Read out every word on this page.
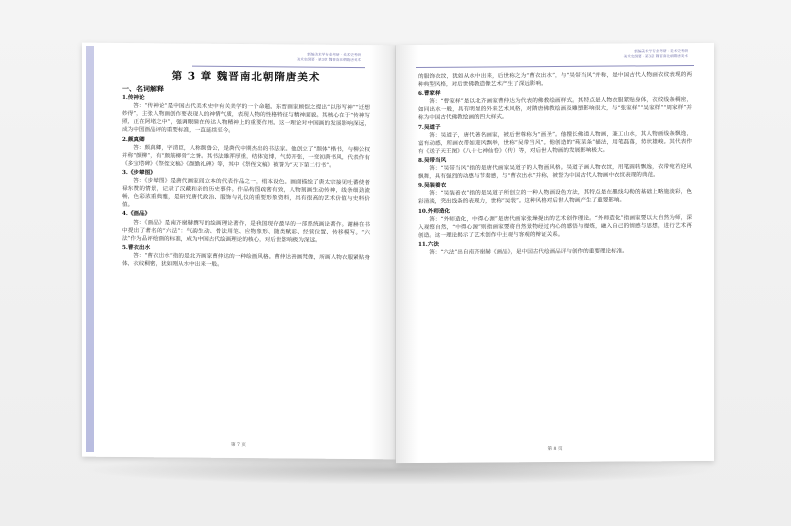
新编美术学专业考研 · 美术史考研
美术史纲要 · 第3章 魏晋南北朝隋唐美术
第 3 章 魏晋南北朝隋唐美术
一、名词解释
1.传神论
答：“传神论”是中国古代美术史中有关美学的一个命题。东晋画家顾恺之提出“以形写神”“迁想妙得”，主张人物画创作要表现人的神情气质，表现人物的性格特征与精神面貌。其核心在于“传神写照，正在阿堵之中”，强调眼睛在传达人物精神上的重要作用。这一理论对中国画的发展影响深远，成为中国画品评的重要标准，一直延续至今。
2.颜真卿
答：颜真卿，字清臣，人称颜鲁公，是唐代中期杰出的书法家。他创立了“颜体”楷书，与柳公权并称“颜柳”，有“颜筋柳骨”之誉。其书法雄浑厚重，结体宽博，气势开张，一变初唐书风，代表作有《多宝塔碑》《祭侄文稿》《颜勤礼碑》等，其中《祭侄文稿》被誉为“天下第二行书”。
3.《步辇图》
答：《步辇图》是唐代画家阎立本的代表作品之一，绢本设色。画面描绘了唐太宗接见吐蕃使者禄东赞的情景，记录了汉藏和亲的历史事件。作品构图疏密有致，人物刻画生动传神，线条细劲流畅，色彩浓重典雅，是研究唐代政治、服饰与礼仪的重要形象资料，具有很高的艺术价值与史料价值。
4.《画品》
答：《画品》是南齐谢赫撰写的绘画理论著作，是我国现存最早的一部系统画论著作。谢赫在书中提出了著名的“六法”：气韵生动、骨法用笔、应物象形、随类赋彩、经营位置、传移模写。“六法”作为品评绘画的标准，成为中国古代绘画理论的核心，对后世影响极为深远。
5.曹衣出水
答：“曹衣出水”指的是北齐画家曹仲达的一种绘画风格。曹仲达善画梵像，所画人物衣服紧贴身体，衣纹稠密，犹如刚从水中出来一般。
第 7 页
新编美术学专业考研 · 美术史考研
美术史纲要 · 第3章 魏晋南北朝隋唐美术
的服饰衣纹，犹如从水中出来，后世称之为“曹衣出水”，与“吴带当风”并称，是中国古代人物画衣纹表现的两种典型风格，对后世佛教造像艺术产生了深远影响。
6.曹家样
答：“曹家样”是以北齐画家曹仲达为代表的佛教绘画样式。其特点是人物衣服紧贴身体，衣纹线条稠密，如同出水一般，具有明显的外来艺术风格，对隋唐佛教绘画及雕塑影响很大，与“张家样”“吴家样”“周家样”并称为中国古代佛教绘画的四大样式。
7.吴道子
答：吴道子，唐代著名画家，被后世尊称为“画圣”。他擅长佛道人物画，兼工山水，其人物画线条飘逸，富有动感，所画衣带如迎风飘举，世称“吴带当风”。他创造的“莼菜条”描法，用笔磊落，势状雄峻。其代表作有《送子天王图》《八十七神仙卷》（传）等，对后世人物画的发展影响极大。
8.吴带当风
答：“吴带当风”指的是唐代画家吴道子的人物画风格。吴道子画人物衣纹，用笔圆转飘逸，衣带宛若迎风飘舞，具有强烈的动感与节奏感，与“曹衣出水”并称，被誉为中国古代人物画中衣纹表现的典范。
9.吴装着衣
答：“吴装着衣”指的是吴道子所创立的一种人物画设色方法，其特点是在墨线勾勒的基础上略施淡彩，色彩清淡，突出线条的表现力，世称“吴装”。这种风格对后世人物画产生了重要影响。
10.外师造化
答：“外师造化，中得心源”是唐代画家张璪提出的艺术创作理论。“外师造化”指画家要以大自然为师，深入观察自然，“中得心源”则指画家要将自然景物经过内心的感悟与提炼，融入自己的情感与思想，进行艺术再创造。这一理论揭示了艺术创作中主观与客观的辩证关系。
11.六法
答：“六法”出自南齐谢赫《画品》，是中国古代绘画品评与创作的重要理论标准。
第 8 页
